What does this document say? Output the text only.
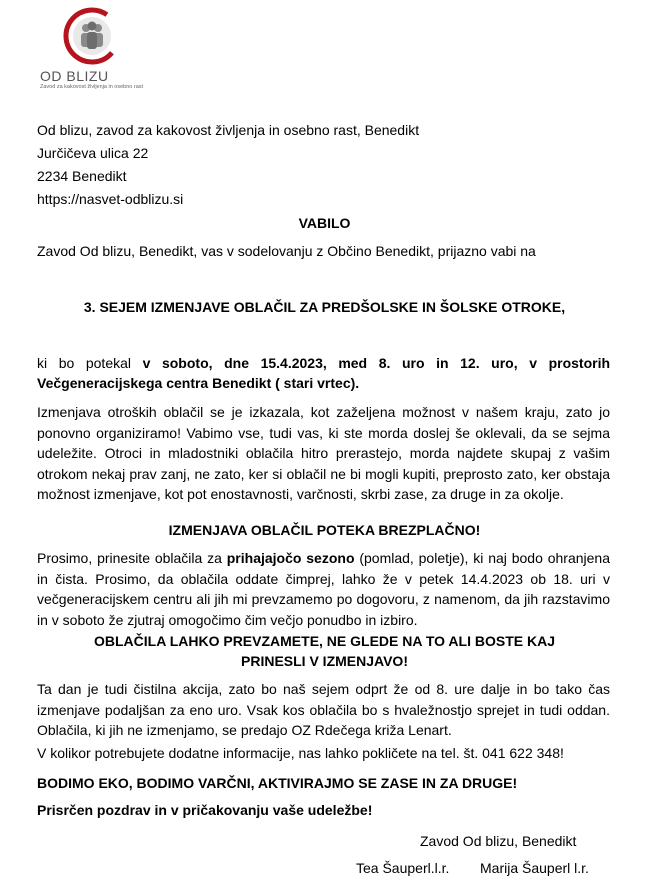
OD BLIZU
Zavod za kakovost življenja in osebno rast
Od blizu, zavod za kakovost življenja in osebno rast, Benedikt
Jurčičeva ulica 22
2234 Benedikt
https://nasvet-odblizu.si
VABILO
Zavod Od blizu, Benedikt, vas v sodelovanju z Občino Benedikt, prijazno vabi na
3. SEJEM IZMENJAVE OBLAČIL ZA PREDŠOLSKE IN ŠOLSKE OTROKE,
ki bo potekal v soboto, dne 15.4.2023, med 8. uro in 12. uro, v prostorih Večgeneracijskega centra Benedikt ( stari vrtec).
Izmenjava otroških oblačil se je izkazala, kot zaželjena možnost v našem kraju, zato jo ponovno organiziramo! Vabimo vse, tudi vas, ki ste morda doslej še oklevali, da se sejma udeležite. Otroci in mladostniki oblačila hitro prerastejo, morda najdete skupaj z vašim otrokom nekaj prav zanj, ne zato, ker si oblačil ne bi mogli kupiti, preprosto zato, ker obstaja možnost izmenjave, kot pot enostavnosti, varčnosti, skrbi zase, za druge in za okolje.
IZMENJAVA OBLAČIL POTEKA BREZPLAČNO!
Prosimo, prinesite oblačila za prihajajočo sezono (pomlad, poletje), ki naj bodo ohranjena in čista. Prosimo, da oblačila oddate čimprej, lahko že v petek 14.4.2023 ob 18. uri v večgeneracijskem centru ali jih mi prevzamemo po dogovoru, z namenom, da jih razstavimo in v soboto že zjutraj omogočimo čim večjo ponudbo in izbiro.
OBLAČILA LAHKO PREVZAMETE, NE GLEDE NA TO ALI BOSTE KAJ
PRINESLI V IZMENJAVO!
Ta dan je tudi čistilna akcija, zato bo naš sejem odprt že od 8. ure dalje in bo tako čas izmenjave podaljšan za eno uro. Vsak kos oblačila bo s hvaležnostjo sprejet in tudi oddan. Oblačila, ki jih ne izmenjamo, se predajo OZ Rdečega križa Lenart.
V kolikor potrebujete dodatne informacije, nas lahko pokličete na tel. št. 041 622 348!
BODIMO EKO, BODIMO VARČNI, AKTIVIRAJMO SE ZASE IN ZA DRUGE!
Prisrčen pozdrav in v pričakovanju vaše udeležbe!
Zavod Od blizu, Benedikt
Tea Šauperl.l.r. Marija Šauperl l.r.
